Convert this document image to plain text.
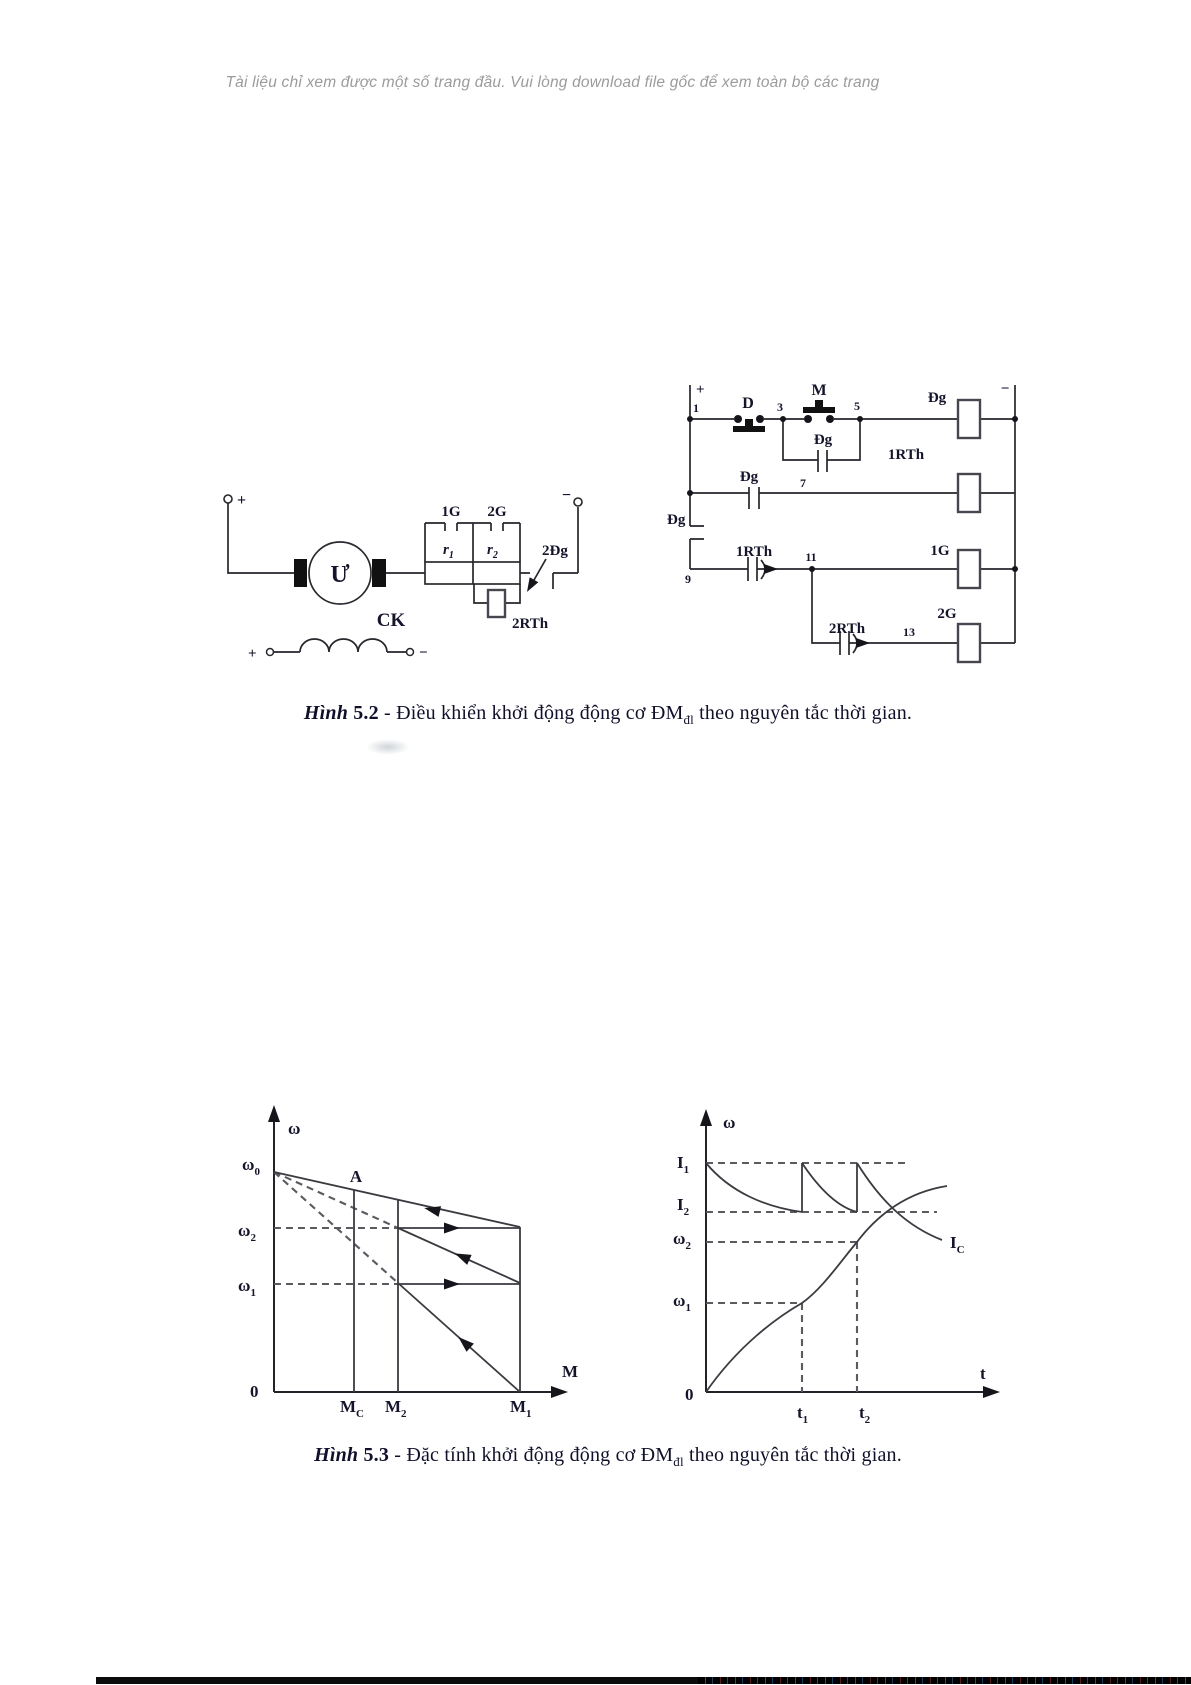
Tài liệu chỉ xem được một số trang đầu. Vui lòng download file gốc để xem toàn bộ các trang
+	−
Ư
1G 2G
$r_1$ $r_2$	2Đg
2RTh
CK
+	−
+	−
1	3	5
7
9
11
13
D
M
Đg
Đg
Đg
1RTh
Đg
1RTh	1G
2RTh
2G
Hình 5.2 - Điều khiển khởi động động cơ $ĐM_{đl}$ theo nguyên tắc thời gian.
ω
$\omega_0$	A
$\omega_2$
$\omega_1$
0
M
$M_C$ $M_2$	$M_1$
ω
$I_1$
$I_2$
$\omega_2$
$\omega_1$
$I_C$
0
t
$t_1$	$t_2$
Hình 5.3 - Đặc tính khởi động động cơ $ĐM_{đl}$ theo nguyên tắc thời gian.
